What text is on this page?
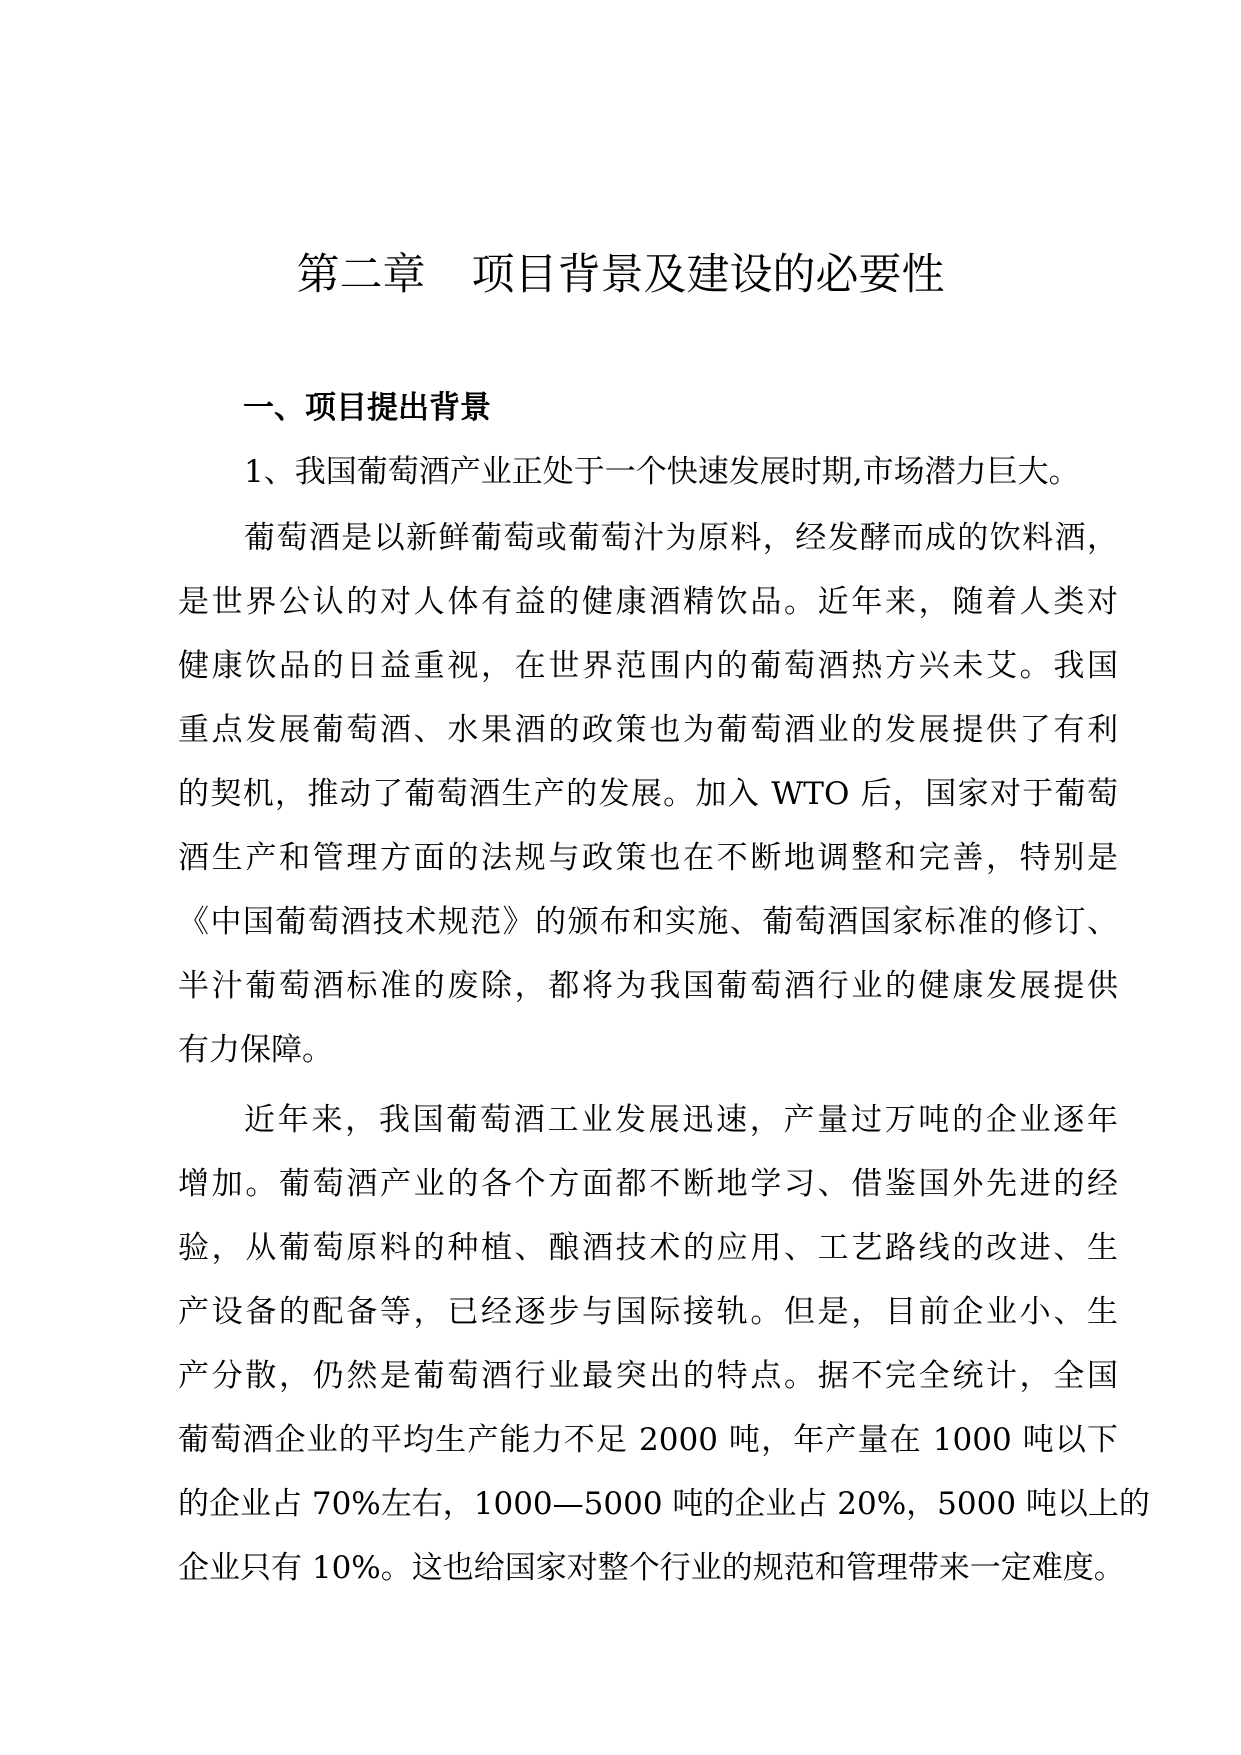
第二章 项目背景及建设的必要性
一、项目提出背景

1、我国葡萄酒产业正处于一个快速发展时期,市场潜力巨大。

葡萄酒是以新鲜葡萄或葡萄汁为原料，经发酵而成的饮料酒，
是世界公认的对人体有益的健康酒精饮品。近年来，随着人类对
健康饮品的日益重视，在世界范围内的葡萄酒热方兴未艾。我国
重点发展葡萄酒、水果酒的政策也为葡萄酒业的发展提供了有利
的契机，推动了葡萄酒生产的发展。加入 WTO 后，国家对于葡萄
酒生产和管理方面的法规与政策也在不断地调整和完善，特别是
《中国葡萄酒技术规范》的颁布和实施、葡萄酒国家标准的修订、
半汁葡萄酒标准的废除，都将为我国葡萄酒行业的健康发展提供
有力保障。

近年来，我国葡萄酒工业发展迅速，产量过万吨的企业逐年
增加。葡萄酒产业的各个方面都不断地学习、借鉴国外先进的经
验，从葡萄原料的种植、酿酒技术的应用、工艺路线的改进、生
产设备的配备等，已经逐步与国际接轨。但是，目前企业小、生
产分散，仍然是葡萄酒行业最突出的特点。据不完全统计，全国
葡萄酒企业的平均生产能力不足 2000 吨，年产量在 1000 吨以下
的企业占 70%左右，1000—5000 吨的企业占 20%，5000 吨以上的
企业只有 10%。这也给国家对整个行业的规范和管理带来一定难度。
